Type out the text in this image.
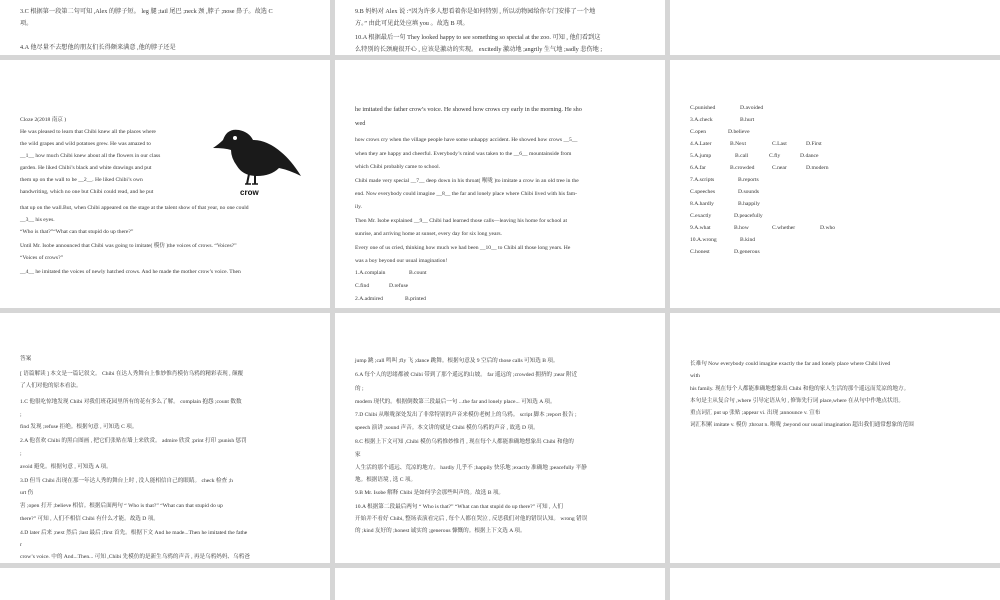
3.C 根据第一段第二句可知 ,Alex 的脖子短。 leg 腿 ;tail 尾巴 ;neck 颈 ,脖子 ;nose 鼻子。故选 C

项。

4.A 他尽量不去想他的朋友们长得颇来满意 ,他的脖子还是

9.B 妈妈对 Alex 说 :“因为许多人想看着你是如何特别 , 所以动物园给你专门安排了一个地

方。” 由此可见此处应填 you 。故选 B 项。

10.A 根据最后一句 They looked happy to see something so special at the zoo. 可知 , 他们看到这

么特别的长颈鹿很开心 , 应该是激动的实现。 excitedly 激动地 ;angrily 生气地 ;sadly 悲伤地 ;

Cloze 2(2018 南京 )

He was pleased to learn that Chibi knew all the places where

the wild grapes and wild potatoes grew. He was amazed to

__1__ how much Chibi knew about all the flowers in our class

garden. He liked Chibi’s black and white drawings and put

them up on the wall to be __2__. He liked Chibi’s own

handwriting, which no one but Chibi could read, and he put	crow

that up on the wall.But, when Chibi appeared on the stage at the talent show of that year, no one could

__3__ his eyes.

“Who is that?”“What can that stupid do up there?”

Until Mr. Isobe announced that Chibi was going to imitate( 模仿 )the voices of crows. “Voices?”

“Voices of crows?”

__4__ he imitated the voices of newly hatched crows. And he made the mother crow’s voice. Then

he imitated the father crow’s voice. He showed how crows cry early in the morning. He sho

wed

how crows cry when the village people have some unhappy accident. He showed how crows __5__

when they are happy and cheerful. Everybody’s mind was taken to the __6__ mountainside from

which Chibi probably came to school.

Chibi made very special __7__ deep down in his throat( 喉咙 )to imitate a crow in an old tree in the

end. Now everybody could imagine __8__ the far and lonely place where Chibi lived with his fam-

ily.

Then Mr. Isobe explained __9__ Chibi had learned those calls—leaving his home for school at

sunrise, and arriving home at sunset, every day for six long years.

Every one of us cried, thinking how much we had been __10__ to Chibi all those long years. He

was a boy beyond our usual imagination!

1.A.complain	B.count

C.find	D.refuse

2.A.admired	B.printed

C.punished	D.avoided
3.A.check	B.hurt
C.open	D.believe
4.A.Later	B.Next	C.Last	D.First
5.A.jump	B.call	C.fly	D.dance
6.A.far	B.crowded	C.near	D.modern
7.A.scripts	B.reports
C.speeches	D.sounds
8.A.hardly	B.happily
C.exactly	D.peacefully
9.A.what	B.how	C.whether	D.who
10.A.wrong	B.kind
C.honest	D.generous

答案

[ 语篇解读 ] 本文是一篇记叙文。 Chibi 在达人秀舞台上惟妙惟肖模仿乌鸦的精彩表现 , 颠覆

了人们对他的原本看法。

1.C 他很吃惊地发现 Chibi 对我们班花园里所有的花有多么了解。 complain 抱怨 ;count 数数

;

find 发现 ;refuse 拒绝。根据句意 , 可知选 C 项。

2.A 他喜欢 Chibi 的黑白图画 , 把它们张贴在墙上来欣赏。 admire 欣赏 ;print 打印 ;punish 惩罚

;

avoid 避免。根据句意 , 可知选 A 项。

3.D 但当 Chibi 出现在那一年达人秀的舞台上时 , 没人能相信自己的眼睛。 check 检查 ;h

urt 伤

害 ;open 打开 ;believe 相信。根据后面两句 “ Who is that?” “What can that stupid do up

there?” 可知 , 人们不相信 Chibi 有什么才能。故选 D 项。

4.D later 后来 ;next 然后 ;last 最后 ;first 首先。根据下文 And he made...Then he imitated the fathe

r

crow’s voice. 中的 And...Then... 可知 ,Chibi 先模仿的是新生乌鸦的声音 , 再是乌鸦妈妈、乌鸦爸

jump 跳 ;call 鸣叫 ;fly 飞 ;dance 跳舞。根据句意及 9 空后的 those calls 可知选 B 项。

6.A 每个人的思绪都被 Chibi 带到了那个遥远的山坡。 far 遥远的 ;crowded 拥挤的 ;near 附近

的 ;

modern 现代的。根据倒数第三段最后一句 ...the far and lonely place... 可知选 A 项。

7.D Chibi 从喉咙深处发出了非常特别的声音来模仿老树上的乌鸦。 script 脚本 ;report 报告 ;

speech 演讲 ;sound 声音。本文讲的就是 Chibi 模仿乌鸦的声音 , 故选 D 项。

8.C 根据上下文可知 ,Chibi 模仿乌鸦惟妙惟肖 , 现在每个人都能准确地想象出 Chibi 和他的

家

人生活的那个遥远、荒凉的地方。 hardly 几乎不 ;happily 快乐地 ;exactly 准确地 ;peacefully 平静

地。根据语境 , 选 C 项。

9.B Mr. Isobe 解释 Chibi 是如何学会那些叫声的。故选 B 项。

10.A 根据第二段最后两句 “ Who is that?” “What can that stupid do up there?” 可知 , 人们

开始并不看好 Chibi, 整场表演看完后 , 每个人都在哭泣 , 反思我们对他的错误认知。 wrong 错误

的 ;kind 友好的 ;honest 诚实的 ;generous 慷慨的。根据上下文选 A 项。

长难句 Now everybody could imagine exactly the far and lonely place where Chibi lived

with

his family. 现在每个人都能准确地想象出 Chibi 和他的家人生活的那个遥远而荒凉的地方。

本句是主从复合句 ,where 引导定语从句 , 修饰先行词 place,where 在从句中作地点状语。

重点词汇 put up 张贴 ;appear vi. 出现 ;announce v. 宣布

词汇积累 imitate v. 模仿 ;throat n. 喉咙 ;beyond our usual imagination 超出我们通常想象的范围
